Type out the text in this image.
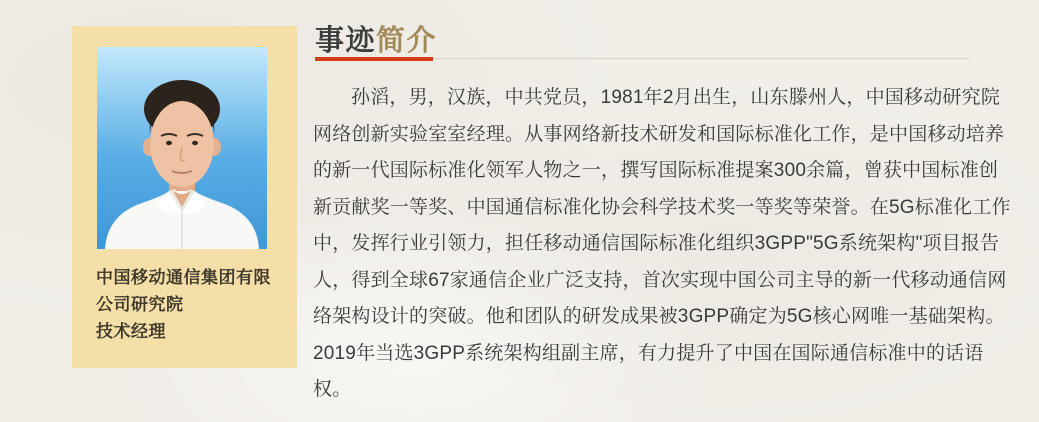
中国移动通信集团有限
公司研究院
技术经理
事迹简介
孙滔，男，汉族，中共党员，1981年2月出生，山东滕州人，中国移动研究院
网络创新实验室室经理。从事网络新技术研发和国际标准化工作，是中国移动培养
的新一代国际标准化领军人物之一，撰写国际标准提案300余篇，曾获中国标准创
新贡献奖一等奖、中国通信标准化协会科学技术奖一等奖等荣誉。在5G标准化工作
中，发挥行业引领力，担任移动通信国际标准化组织3GPP"5G系统架构"项目报告
人，得到全球67家通信企业广泛支持，首次实现中国公司主导的新一代移动通信网
络架构设计的突破。他和团队的研发成果被3GPP确定为5G核心网唯一基础架构。
2019年当选3GPP系统架构组副主席，有力提升了中国在国际通信标准中的话语
权。
